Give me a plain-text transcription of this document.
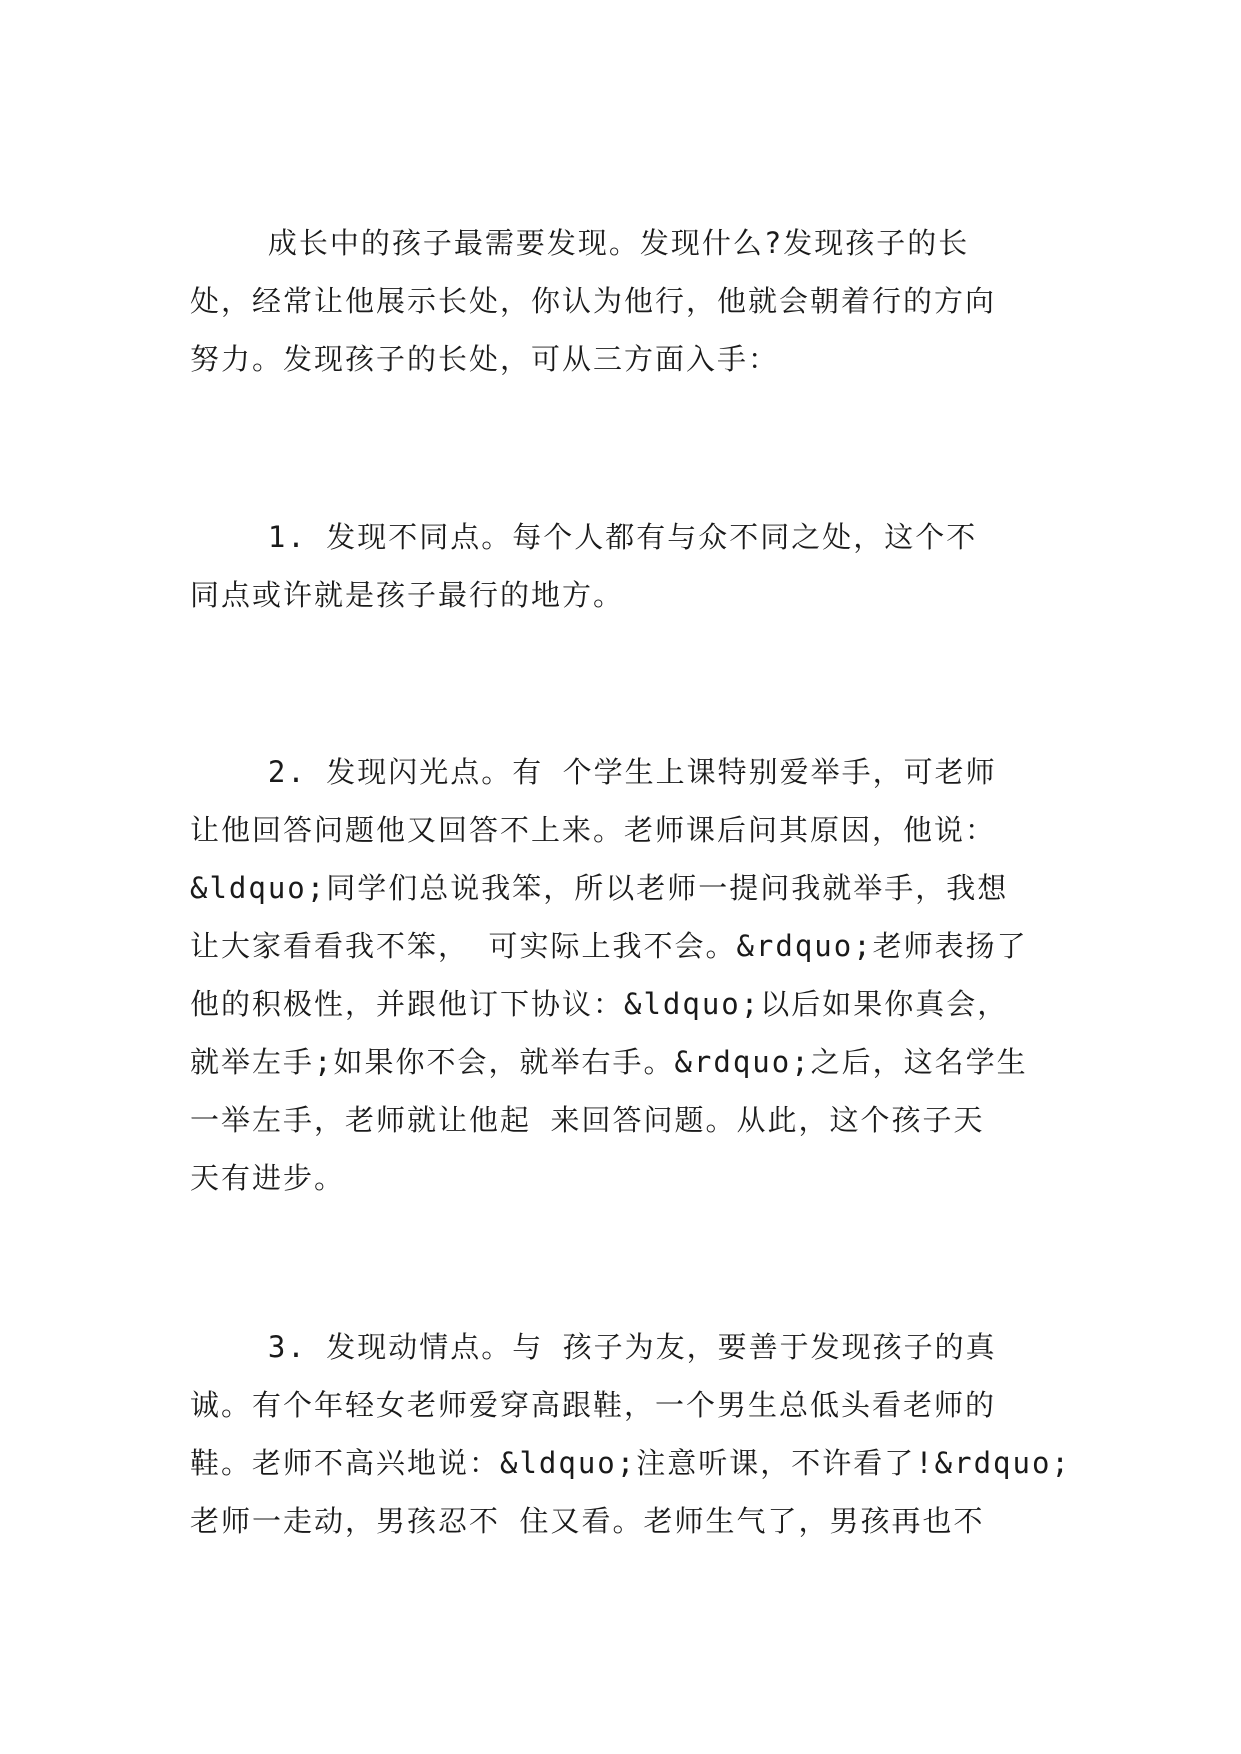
成长中的孩子最需要发现。发现什么?发现孩子的长
处，经常让他展示长处，你认为他行，他就会朝着行的方向
努力。发现孩子的长处，可从三方面入手：
1. 发现不同点。每个人都有与众不同之处，这个不
同点或许就是孩子最行的地方。
2. 发现闪光点。有 个学生上课特别爱举手，可老师
让他回答问题他又回答不上来。老师课后问其原因，他说：
&ldquo;同学们总说我笨，所以老师一提问我就举手，我想
让大家看看我不笨， 可实际上我不会。&rdquo;老师表扬了
他的积极性，并跟他订下协议：&ldquo;以后如果你真会，
就举左手;如果你不会，就举右手。&rdquo;之后，这名学生
一举左手，老师就让他起 来回答问题。从此，这个孩子天
天有进步。
3. 发现动情点。与 孩子为友，要善于发现孩子的真
诚。有个年轻女老师爱穿高跟鞋，一个男生总低头看老师的
鞋。老师不高兴地说：&ldquo;注意听课，不许看了!&rdquo;
老师一走动，男孩忍不 住又看。老师生气了，男孩再也不
